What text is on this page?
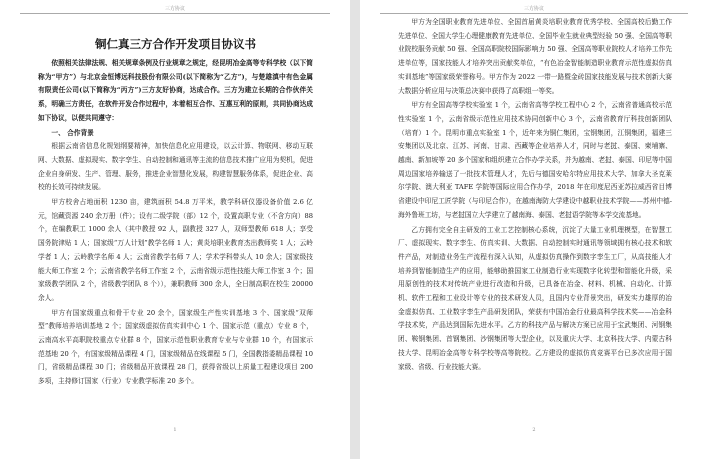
三方协议
铜仁真三方合作开发项目协议书
依照相关法律法规、相关规章条例及行业规章之规定，经昆明冶金高等专科学校（以下简称为“甲方”）与北京金恒博远科技股份有限公司(以下简称为“乙方”)，与楚雄滇中有色金属有限责任公司(以下简称为“丙方”)三方友好协商，达成合作。三方为建立长期的合作伙伴关系，明确三方责任，在软件开发合作过程中，本着相互合作、互惠互利的原则，共同协商达成如下协议，以便共同遵守：
一、 合作背景
根据云南省信息化规划纲要精神，加快信息化应用建设，以云计算、物联网、移动互联网、大数据、虚拟现实、数字孪生、自动控制和通讯等主流的信息技术推广应用为契机，促进企业自身研发、生产、管理、服务，推进企业智慧化发展，构建智慧服务体系，促进企业、高校的长效可持续发展。
甲方校舍占地面积 1230 亩，建筑面积 54.8 万平米，教学科研仪器设备价值 2.6 亿元，馆藏资源 240 余万册（件）；设有二级学院（部）12 个，设置高职专业（不含方向）88 个，在编教职工 1000 余人（其中教授 92 人，副教授 327 人，双师型教师 618 人；享受国务院津贴 1 人；国家级“万人计划”教学名师 1 人；黄炎培职业教育杰出教师奖 1 人；云岭学者 1 人；云岭教学名师 4 人；云南省教学名师 7 人；学术学科带头人 10 余人；国家级技能大师工作室 2 个；云南省教学名师工作室 2 个，云南省级示范性技能大师工作室 3 个；国家级教学团队 2 个，省级教学团队 8 个）），兼职教师 300 余人，全日制高职在校生 20000 余人。
甲方有国家级重点和骨干专业 20 余个，国家级生产性实训基地 3 个、国家级“双师型”教师培养培训基地 2 个；国家级虚拟仿真实训中心 1 个、国家示范（重点）专业 8 个，云南高水平高职院校重点专业群 8 个，国家示范性职业教育专业与专业群 10 个，有国家示范基地 20 个，有国家级精品课程 4 门，国家级精品在线课程 5 门，全国教指委精品课程 10 门，省级精品课程 30 门；省级精品开放课程 28 门，获得省级以上质量工程建设项目 200 多项，主持修订国家（行业）专业教学标准 20 多个。
1
三方协议
甲方为全国职业教育先进单位、全国首届黄炎培职业教育优秀学校、全国高校后勤工作先进单位、全国大学生心理健康教育先进单位、全国毕业生就业典型经验 50 强、全国高等职业院校服务贡献 50 强、全国高职院校国际影响力 50 强、全国高等职业院校人才培养工作先进单位等，国家技能人才培养突出贡献奖单位，“有色冶金智能制造职业教育示范性虚拟仿真实训基地”等国家级荣誉称号。甲方作为 2022 一带一路暨金砖国家技能发展与技术创新大赛大数据分析应用与决策总决赛申获得了高职组一等奖。
甲方有全国高等学校实验室 1 个，云南省高等学校工程中心 2 个，云南省普通高校示范性实验室 1 个，云南省级示范性应用技术协同创新中心 3 个，云南省教育厅科技创新团队（培育）1 个。昆明市重点实验室 1 个，近年来为铜仁集团，宝钢集团，江铜集团，福建三安集团以及北京、江苏、河南、甘肃、西藏等企业培养人才，同时与老挝、泰国、柬埔寨、越南、新加坡等 20 多个国家和组织建立合作办学关系，并为越南、老挝、泰国、印尼等中国周边国家培养输送了一批技术管理人才，先后与德国安哈尔特应用技术大学、加拿大圣克莱尔学院、澳大利亚 TAFE 学院等国际应用合作办学，2018 年在印度尼西亚苏拉威西省目博省建设中印尼工匠学院（与印尼合作），在越南海防大学建设中越职业技术学院——苏州中德-海外鲁班工坊，与老挝国立大学建立了越南海、泰国、老挝语学院等本学交流基地。
乙方拥有完全自主研发的工业工艺控制核心系统，沉淀了大量工业机理模型，在智慧工厂、虚拟现实、数字孪生、仿真实训、大数据、自动控制实时通讯等领域拥有核心技术和软件产品，对制造业务生产流程有深入认知，从虚拟仿真操作到数字孪生工厂，从高技能人才培养到智能制造生产的应用，能够助推国家工业制造行业实现数字化转型和智能化升级，采用原创性的技术对传统产业进行改造和升级，已具备在冶金、材料、机械、自动化、计算机、软件工程和工业设计等专业的技术研发人员，且国内专业背景突出，研发实力雄厚的冶金虚拟仿真、工业数字孪生产品研发团队，荣获有中国冶金行业最高科学技术奖——冶金科学技术奖，产品达到国际先进水平。乙方的科技产品与解决方案已应用于宝武集团、河钢集团、鞍钢集团、首钢集团、沙钢集团等大型企业，以及重庆大学、北京科技大学、内蒙古科技大学、昆明冶金高等专科学校等高等院校。乙方建设的虚拟仿真竞赛平台已多次应用于国家级、省级、行业技能大赛。
2
